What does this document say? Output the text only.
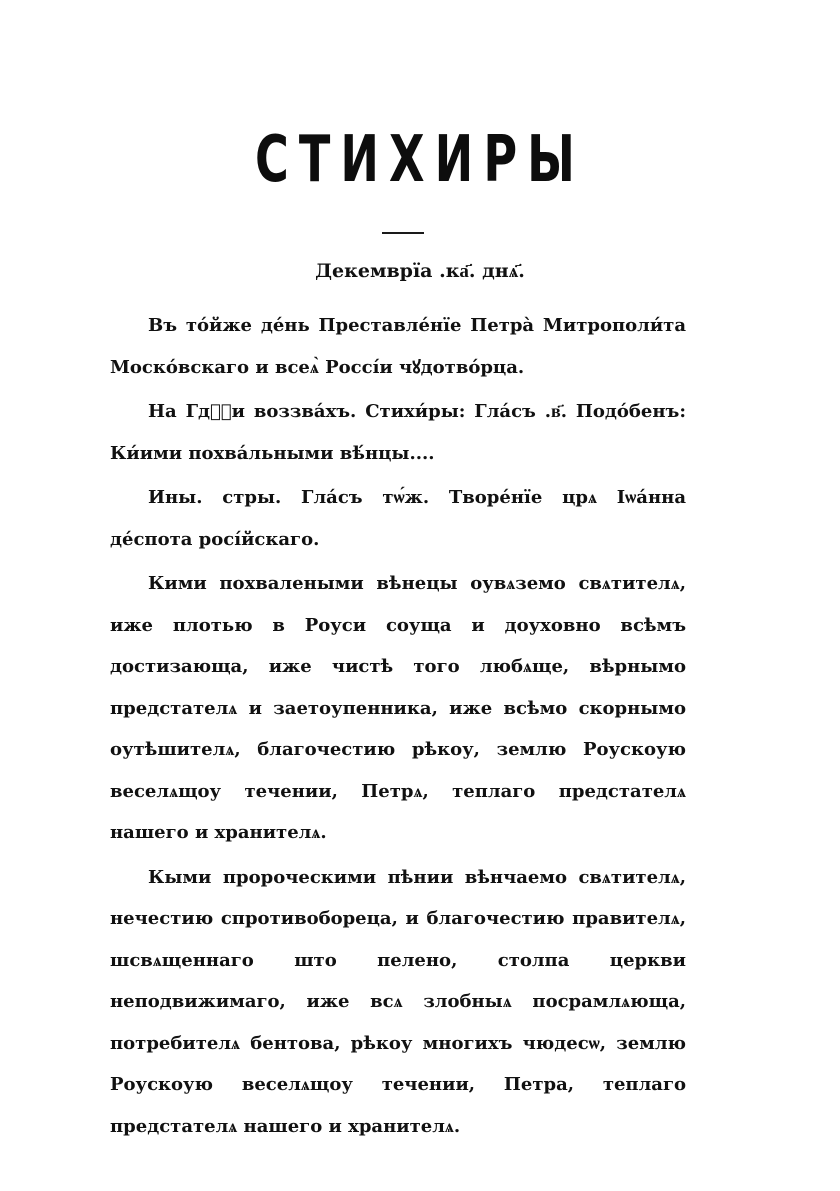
СТИХИРЫ
Декемврїа .ка҃. днѧ҃.

Въ то́йже де́нь Преставле́нїе Петра̀ Митрополи́та Моско́вскаго и всеѧ̀ Россі́и чꙋдотво́рца.

На Гдⷭ҇и воззва́хъ. Стихи́ры: Гла́съ .в҃. Подо́бенъ: Ки́ими похва́льными вѣ́нцы....

Ины. стры. Гла́съ тѡ́ж. Творе́нїе црѧ Іѡа́нна де́спота росі́йскаго.

Кими похвалеными вѣнецы оувѧземо свѧтителѧ, иже плотью в Роуси соуща и доуховно всѣмъ достизающа, иже чистѣ того любѧще, вѣрнымо предстателѧ и заетоупенника, иже всѣмо скорнымо оутѣшителѧ, благочестию рѣкоу, землю Роускоую веселѧщоу течении, Петрѧ, теплаго предстателѧ нашего и хранителѧ.

Кыми пророческими пѣнии вѣнчаемо свѧтителѧ, нечестию спротивоборецa, и благочестию правителѧ, шсвѧщеннаго што пелено, столпа церкви неподвижимаго, иже всѧ злобныѧ посрамлѧюща, потребителѧ бентова, рѣкоу многихъ чюдесѡ, землю Роускоую веселѧщоу течении, Петра, теплаго предстателѧ нашего и хранителѧ.
